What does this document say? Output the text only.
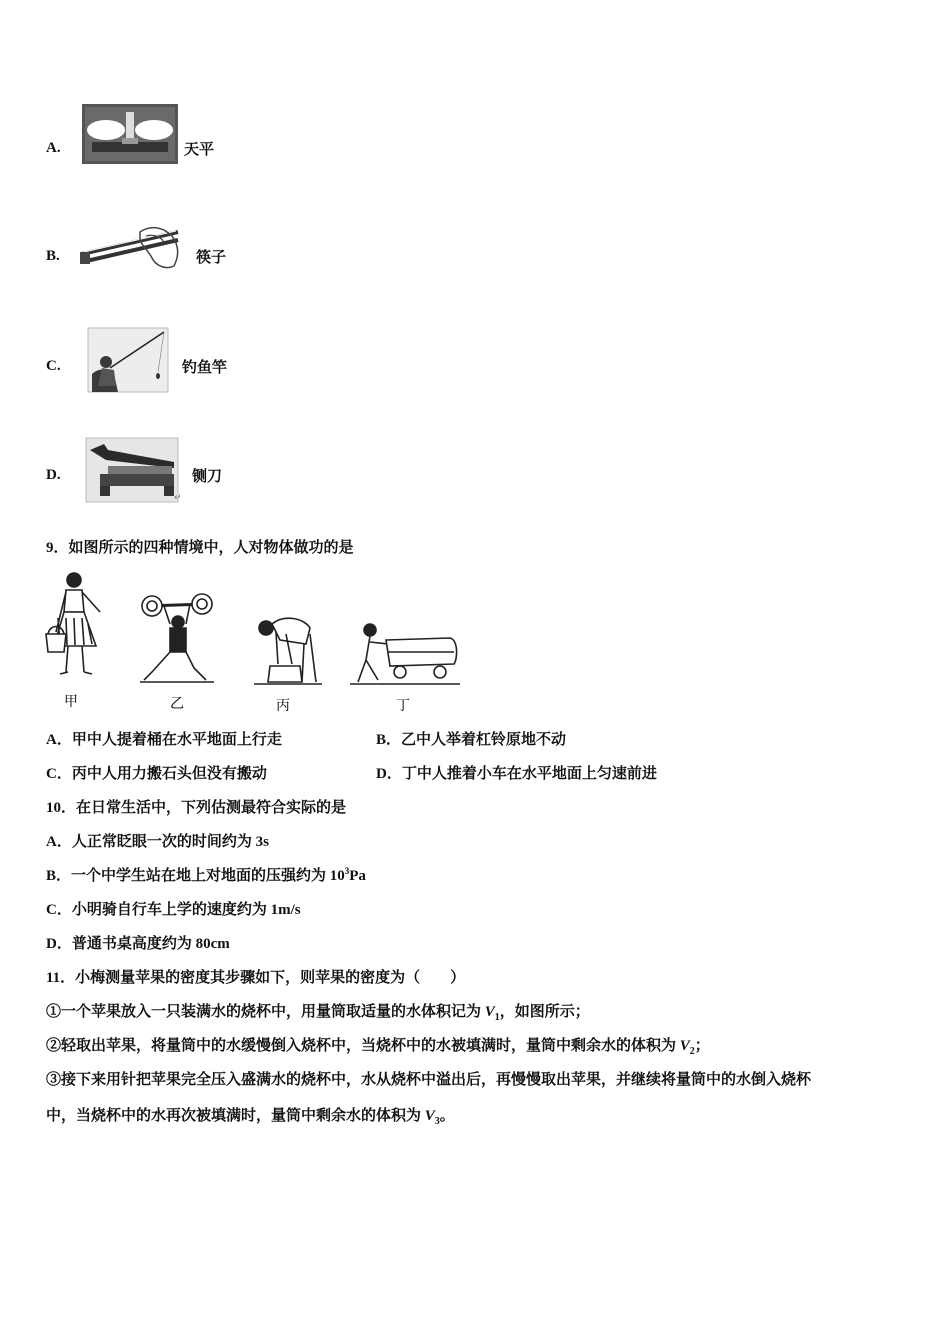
A.	天平
B.	筷子
C.	钓鱼竿
D.
↵
铡刀
9．如图所示的四种情境中，人对物体做功的是
甲	乙	丙	丁
A．甲中人提着桶在水平地面上行走	B．乙中人举着杠铃原地不动
C．丙中人用力搬石头但没有搬动	D．丁中人推着小车在水平地面上匀速前进
10．在日常生活中，下列估测最符合实际的是
A．人正常眨眼一次的时间约为 3s
B．一个中学生站在地上对地面的压强约为 $10^3Pa$
C．小明骑自行车上学的速度约为 1m/s
D．普通书桌高度约为 80cm
11．小梅测量苹果的密度其步骤如下，则苹果的密度为（　　）
①一个苹果放入一只装满水的烧杯中，用量筒取适量的水体积记为 $V_1$，如图所示；
②轻取出苹果，将量筒中的水缓慢倒入烧杯中，当烧杯中的水被填满时，量筒中剩余水的体积为 $V_2$；
③接下来用针把苹果完全压入盛满水的烧杯中，水从烧杯中溢出后，再慢慢取出苹果，并继续将量筒中的水倒入烧杯
中，当烧杯中的水再次被填满时，量筒中剩余水的体积为 $V_3$。
